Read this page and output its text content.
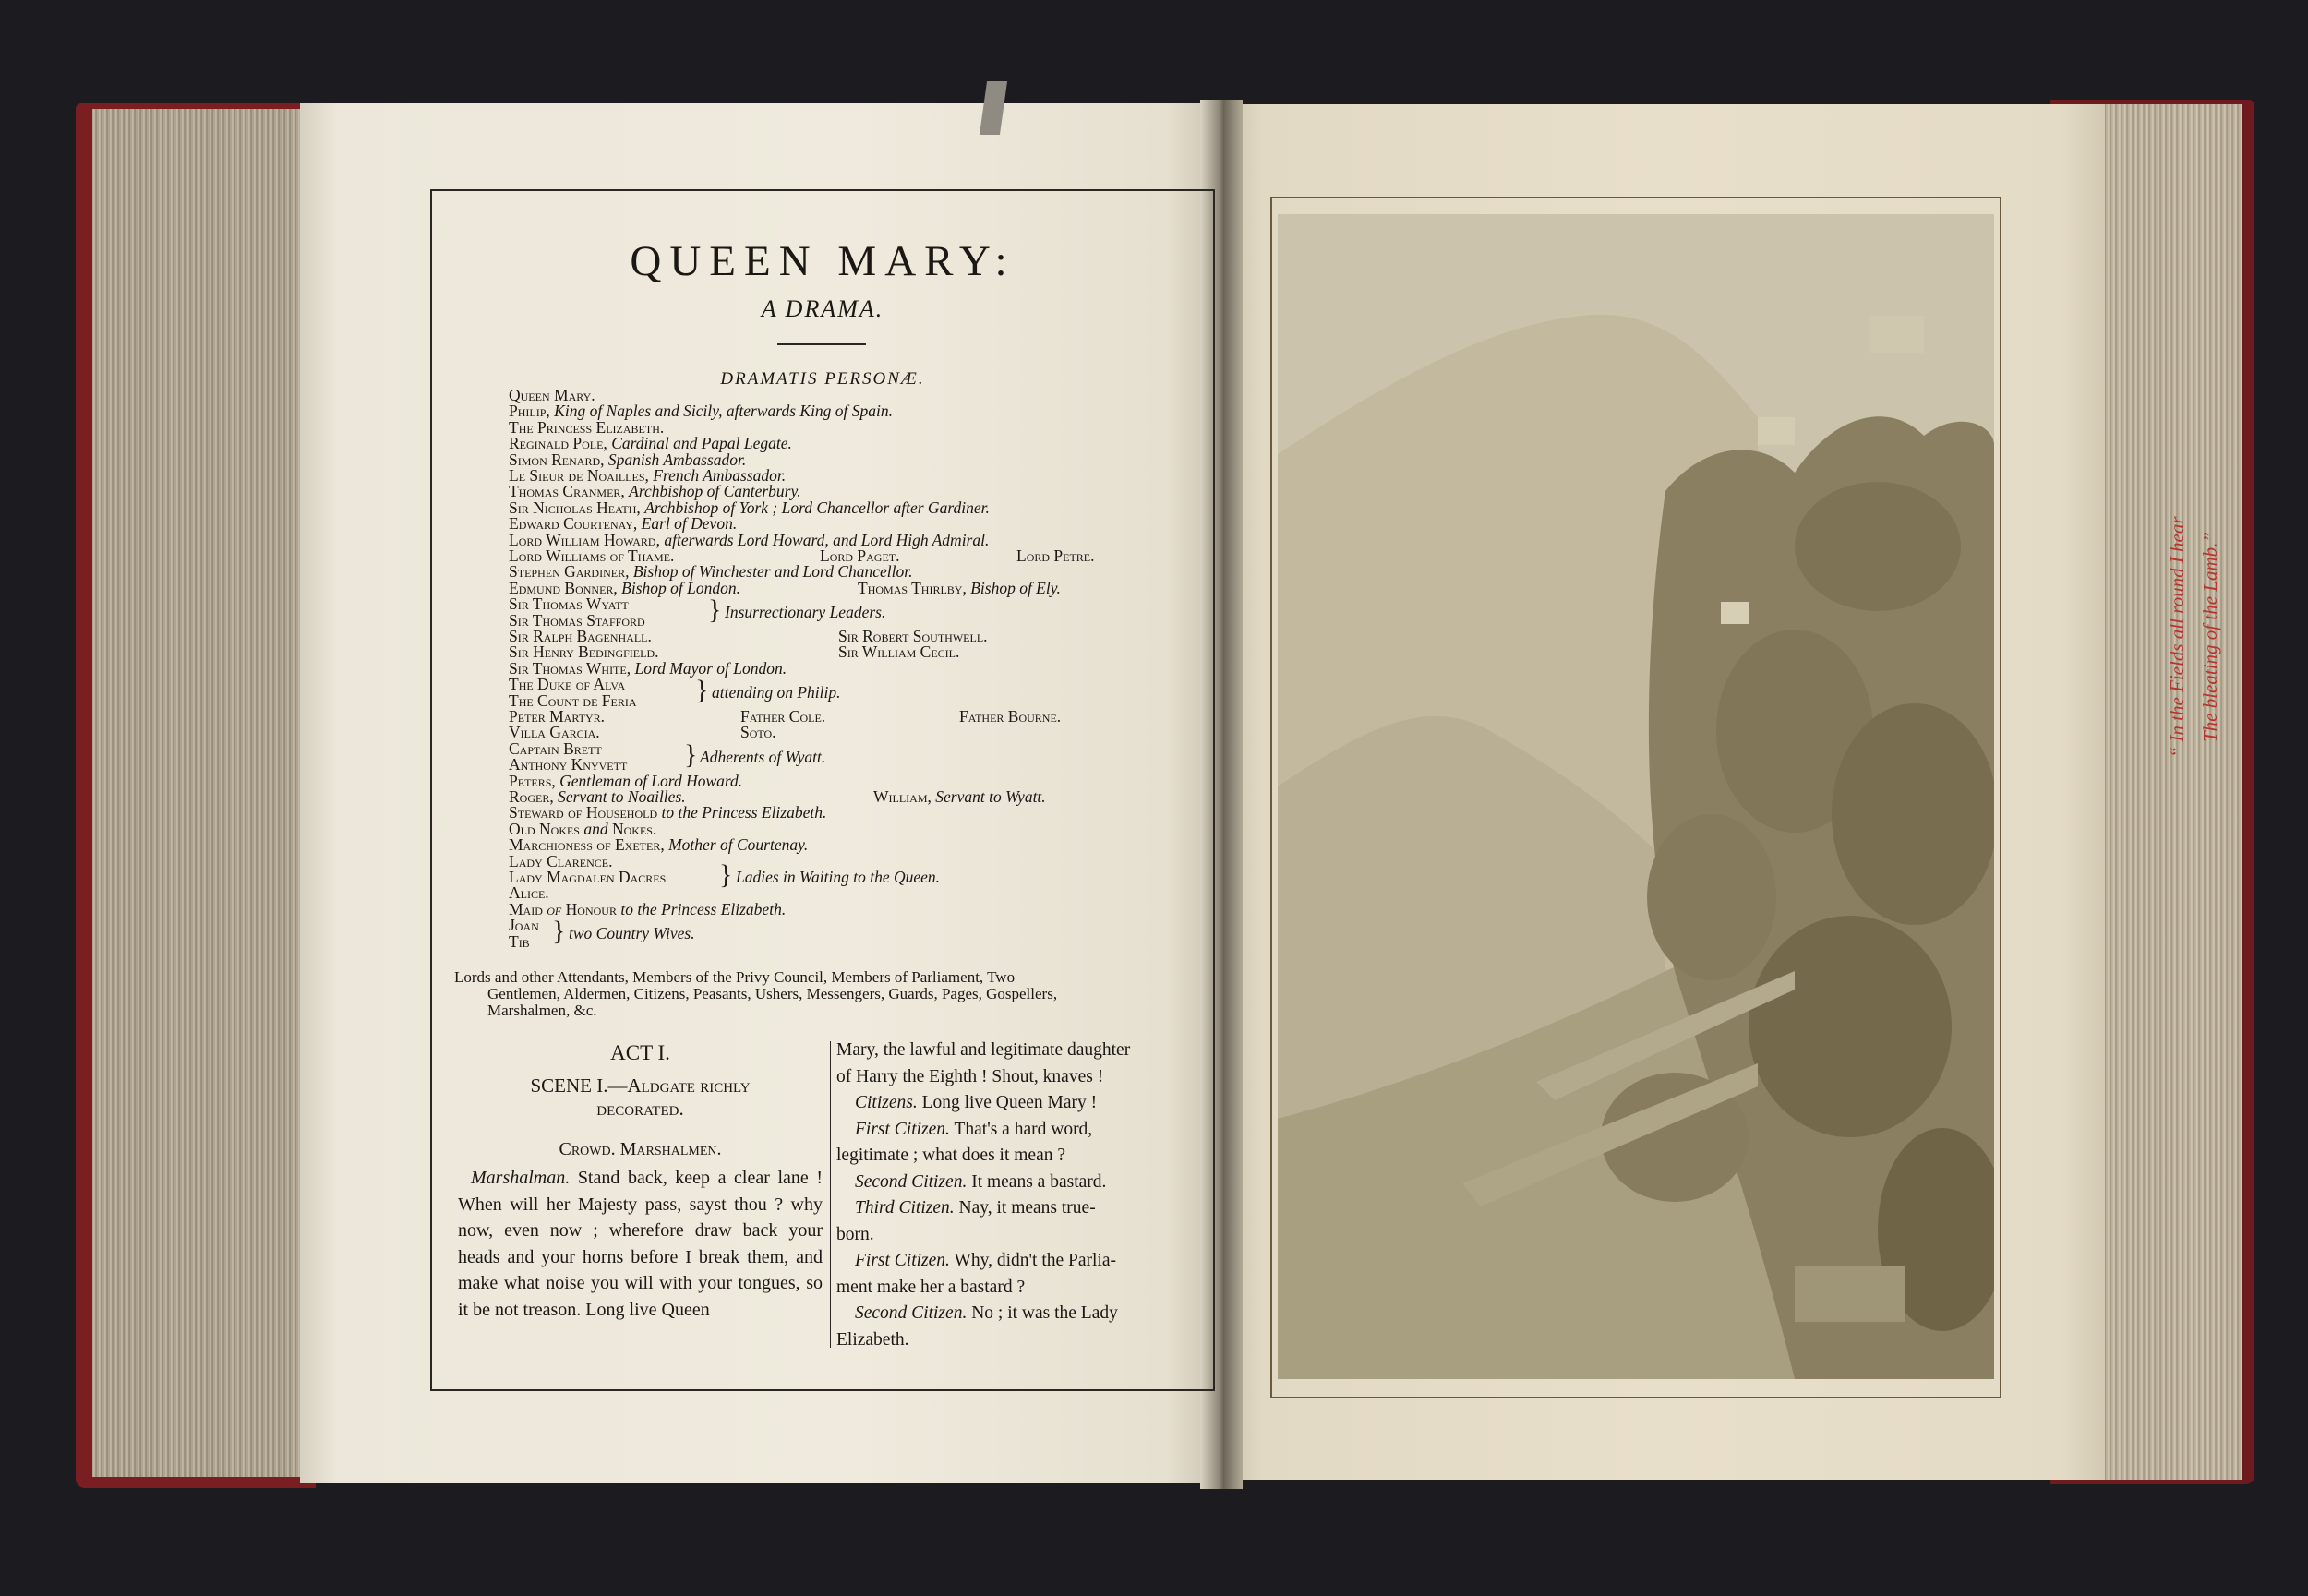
QUEEN MARY:
A DRAMA.
DRAMATIS PERSONÆ.
Queen Mary.
Philip, King of Naples and Sicily, afterwards King of Spain.
The Princess Elizabeth.
Reginald Pole, Cardinal and Papal Legate.
Simon Renard, Spanish Ambassador.
Le Sieur de Noailles, French Ambassador.
Thomas Cranmer, Archbishop of Canterbury.
Sir Nicholas Heath, Archbishop of York ; Lord Chancellor after Gardiner.
Edward Courtenay, Earl of Devon.
Lord William Howard, afterwards Lord Howard, and Lord High Admiral.
Lord Williams of Thame.	Lord Paget.	Lord Petre.
Stephen Gardiner, Bishop of Winchester and Lord Chancellor.
Edmund Bonner, Bishop of London.	Thomas Thirlby, Bishop of Ely.
Sir Thomas Wyatt
Sir Thomas Stafford	} Insurrectionary Leaders.
Sir Ralph Bagenhall.	Sir Robert Southwell.
Sir Henry Bedingfield.	Sir William Cecil.
Sir Thomas White, Lord Mayor of London.
The Duke of Alva
The Count de Feria	} attending on Philip.
Peter Martyr.	Father Cole.	Father Bourne.
Villa Garcia.	Soto.
Captain Brett
Anthony Knyvett	} Adherents of Wyatt.
Peters, Gentleman of Lord Howard.
Roger, Servant to Noailles.	William, Servant to Wyatt.
Steward of Household to the Princess Elizabeth.
Old Nokes and Nokes.
Marchioness of Exeter, Mother of Courtenay.
Lady Clarence.
Lady Magdalen Dacres
Alice.
} Ladies in Waiting to the Queen.
Maid of Honour to the Princess Elizabeth.
Joan
Tib } two Country Wives.
Lords and other Attendants, Members of the Privy Council, Members of Parliament, Two
Gentlemen, Aldermen, Citizens, Peasants, Ushers, Messengers, Guards, Pages, Gospellers,
Marshalmen, &c.
ACT I.
SCENE I.—Aldgate richly
decorated.
Crowd. Marshalmen.
Marshalman. Stand back, keep a clear lane ! When will her Majesty pass, sayst thou ? why now, even now ; wherefore draw back your heads and your horns before I break them, and make what noise you will with your tongues, so it be not treason. Long live Queen
Mary, the lawful and legitimate daughter
of Harry the Eighth ! Shout, knaves !
Citizens. Long live Queen Mary !
First Citizen. That's a hard word,
legitimate ; what does it mean ?
Second Citizen. It means a bastard.
Third Citizen. Nay, it means true-
born.
First Citizen. Why, didn't the Parlia-
ment make her a bastard ?
Second Citizen. No ; it was the Lady
Elizabeth.
“ In the Fields all round I hear The bleating of the Lamb.”
